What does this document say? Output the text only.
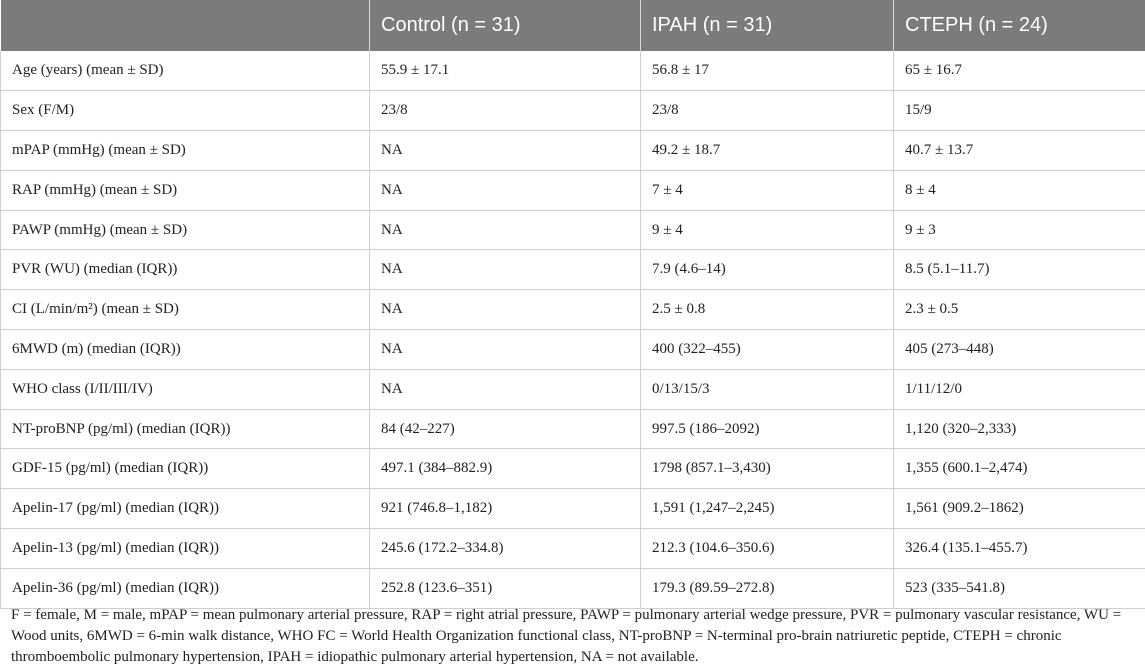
	Control (n = 31)	IPAH (n = 31)	CTEPH (n = 24)
Age (years) (mean ± SD)	55.9 ± 17.1	56.8 ± 17	65 ± 16.7
Sex (F/M)	23/8	23/8	15/9
mPAP (mmHg) (mean ± SD)	NA	49.2 ± 18.7	40.7 ± 13.7
RAP (mmHg) (mean ± SD)	NA	7 ± 4	8 ± 4
PAWP (mmHg) (mean ± SD)	NA	9 ± 4	9 ± 3
PVR (WU) (median (IQR))	NA	7.9 (4.6–14)	8.5 (5.1–11.7)
CI (L/min/m²) (mean ± SD)	NA	2.5 ± 0.8	2.3 ± 0.5
6MWD (m) (median (IQR))	NA	400 (322–455)	405 (273–448)
WHO class (I/II/III/IV)	NA	0/13/15/3	1/11/12/0
NT-proBNP (pg/ml) (median (IQR))	84 (42–227)	997.5 (186–2092)	1,120 (320–2,333)
GDF-15 (pg/ml) (median (IQR))	497.1 (384–882.9)	1798 (857.1–3,430)	1,355 (600.1–2,474)
Apelin-17 (pg/ml) (median (IQR))	921 (746.8–1,182)	1,591 (1,247–2,245)	1,561 (909.2–1862)
Apelin-13 (pg/ml) (median (IQR))	245.6 (172.2–334.8)	212.3 (104.6–350.6)	326.4 (135.1–455.7)
Apelin-36 (pg/ml) (median (IQR))	252.8 (123.6–351)	179.3 (89.59–272.8)	523 (335–541.8)
F = female, M = male, mPAP = mean pulmonary arterial pressure, RAP = right atrial pressure, PAWP = pulmonary arterial wedge pressure, PVR = pulmonary vascular resistance, WU = Wood units, 6MWD = 6-min walk distance, WHO FC = World Health Organization functional class, NT-proBNP = N-terminal pro-brain natriuretic peptide, CTEPH = chronic thromboembolic pulmonary hypertension, IPAH = idiopathic pulmonary arterial hypertension, NA = not available.
